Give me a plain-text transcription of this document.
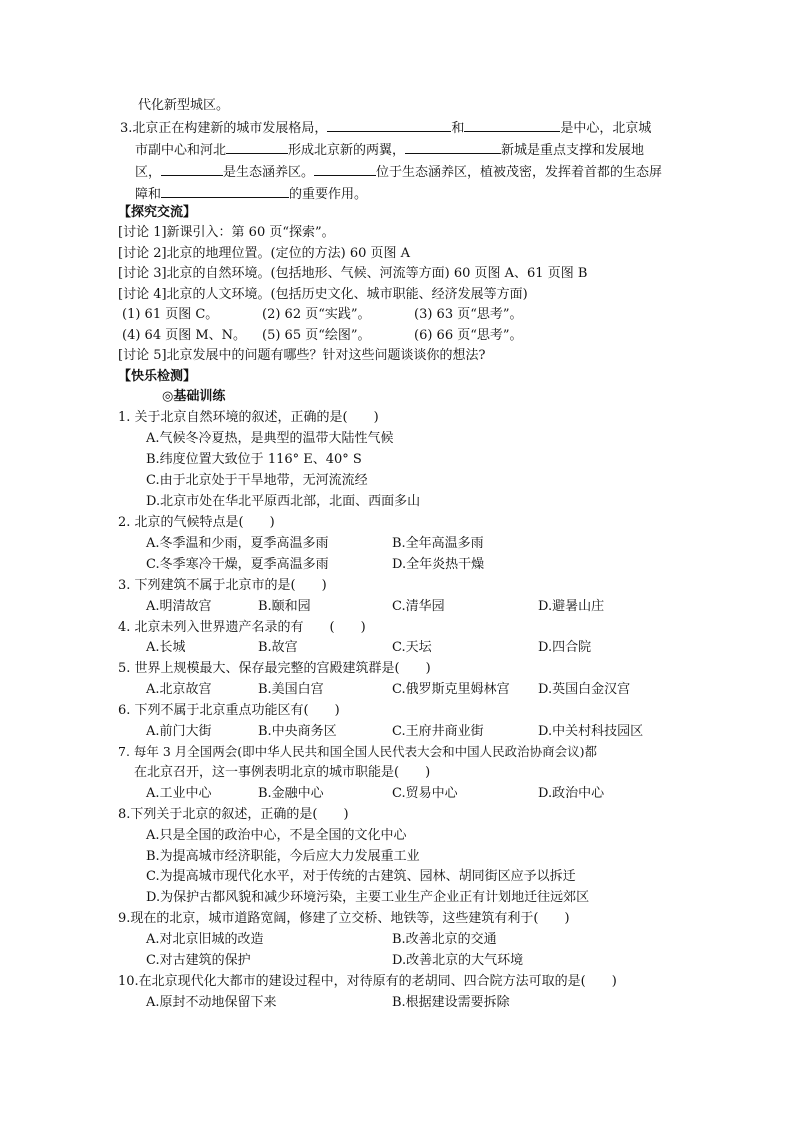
代化新型城区。
3.北京正在构建新的城市发展格局，	和	是中心，北京城
市副中心和河北	形成北京新的两翼，	新城是重点支撑和发展地
区，	是生态涵养区。	位于生态涵养区，植被茂密，发挥着首都的生态屏
障和	的重要作用。
【探究交流】
[讨论 1]新课引入：第 60 页“探索”。
[讨论 2]北京的地理位置。(定位的方法) 60 页图 A
[讨论 3]北京的自然环境。(包括地形、气候、河流等方面) 60 页图 A、61 页图 B
[讨论 4]北京的人文环境。(包括历史文化、城市职能、经济发展等方面)
(1) 61 页图 C。	(2) 62 页“实践”。	(3) 63 页“思考”。
(4) 64 页图 M、N。 (5) 65 页“绘图”。	(6) 66 页“思考”。
[讨论 5]北京发展中的问题有哪些？针对这些问题谈谈你的想法?
【快乐检测】
◎基础训练
1. 关于北京自然环境的叙述，正确的是(　　)
A.气候冬冷夏热，是典型的温带大陆性气候
B.纬度位置大致位于 116° E、40° S
C.由于北京处于干旱地带，无河流流经
D.北京市处在华北平原西北部，北面、西面多山
2. 北京的气候特点是(　　)
A.冬季温和少雨，夏季高温多雨	B.全年高温多雨
C.冬季寒冷干燥，夏季高温多雨	D.全年炎热干燥
3. 下列建筑不属于北京市的是(　　)
A.明清故宫	B.颐和园	C.清华园	D.避暑山庄
4. 北京未列入世界遗产名录的有　　(　　)
A.长城	B.故宫	C.天坛	D.四合院
5. 世界上规模最大、保存最完整的宫殿建筑群是(　　)
A.北京故宫	B.美国白宫	C.俄罗斯克里姆林宫 D.英国白金汉宫
6. 下列不属于北京重点功能区有(　　)
A.前门大街	B.中央商务区	C.王府井商业街	D.中关村科技园区
7. 每年 3 月全国两会(即中华人民共和国全国人民代表大会和中国人民政治协商会议)都
在北京召开，这一事例表明北京的城市职能是(　　)
A.工业中心	B.金融中心	C.贸易中心	D.政治中心
8.下列关于北京的叙述，正确的是(　　)
A.只是全国的政治中心，不是全国的文化中心
B.为提高城市经济职能，今后应大力发展重工业
C.为提高城市现代化水平，对于传统的古建筑、园林、胡同街区应予以拆迁
D.为保护古都风貌和减少环境污染，主要工业生产企业正有计划地迁往远郊区
9.现在的北京，城市道路宽阔，修建了立交桥、地铁等，这些建筑有利于(　　)
A.对北京旧城的改造	B.改善北京的交通
C.对古建筑的保护	D.改善北京的大气环境
10.在北京现代化大都市的建设过程中，对待原有的老胡同、四合院方法可取的是(　　)
A.原封不动地保留下来	B.根据建设需要拆除
